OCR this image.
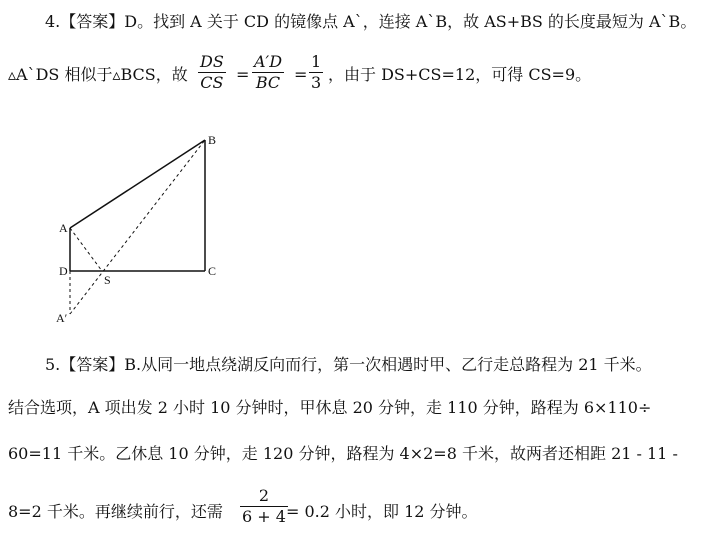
4.【答案】D。找到 A 关于 CD 的镜像点 A`，连接 A`B，故 AS+BS 的长度最短为 A`B。
▵A`DS 相似于▵BCS，故
DS
CS =
A′D
BC =
1
3 ，由于 DS+CS=12，可得 CS=9。
B
A
D
S
C
A′
5.【答案】B.从同一地点绕湖反向而行，第一次相遇时甲、乙行走总路程为 21 千米。
结合选项，A 项出发 2 小时 10 分钟时，甲休息 20 分钟，走 110 分钟，路程为 6×110÷
60=11 千米。乙休息 10 分钟，走 120 分钟，路程为 4×2=8 千米，故两者还相距 21 - 11 -
8=2 千米。再继续前行，还需
2
6 + 4 = 0.2 小时，即 12 分钟。
